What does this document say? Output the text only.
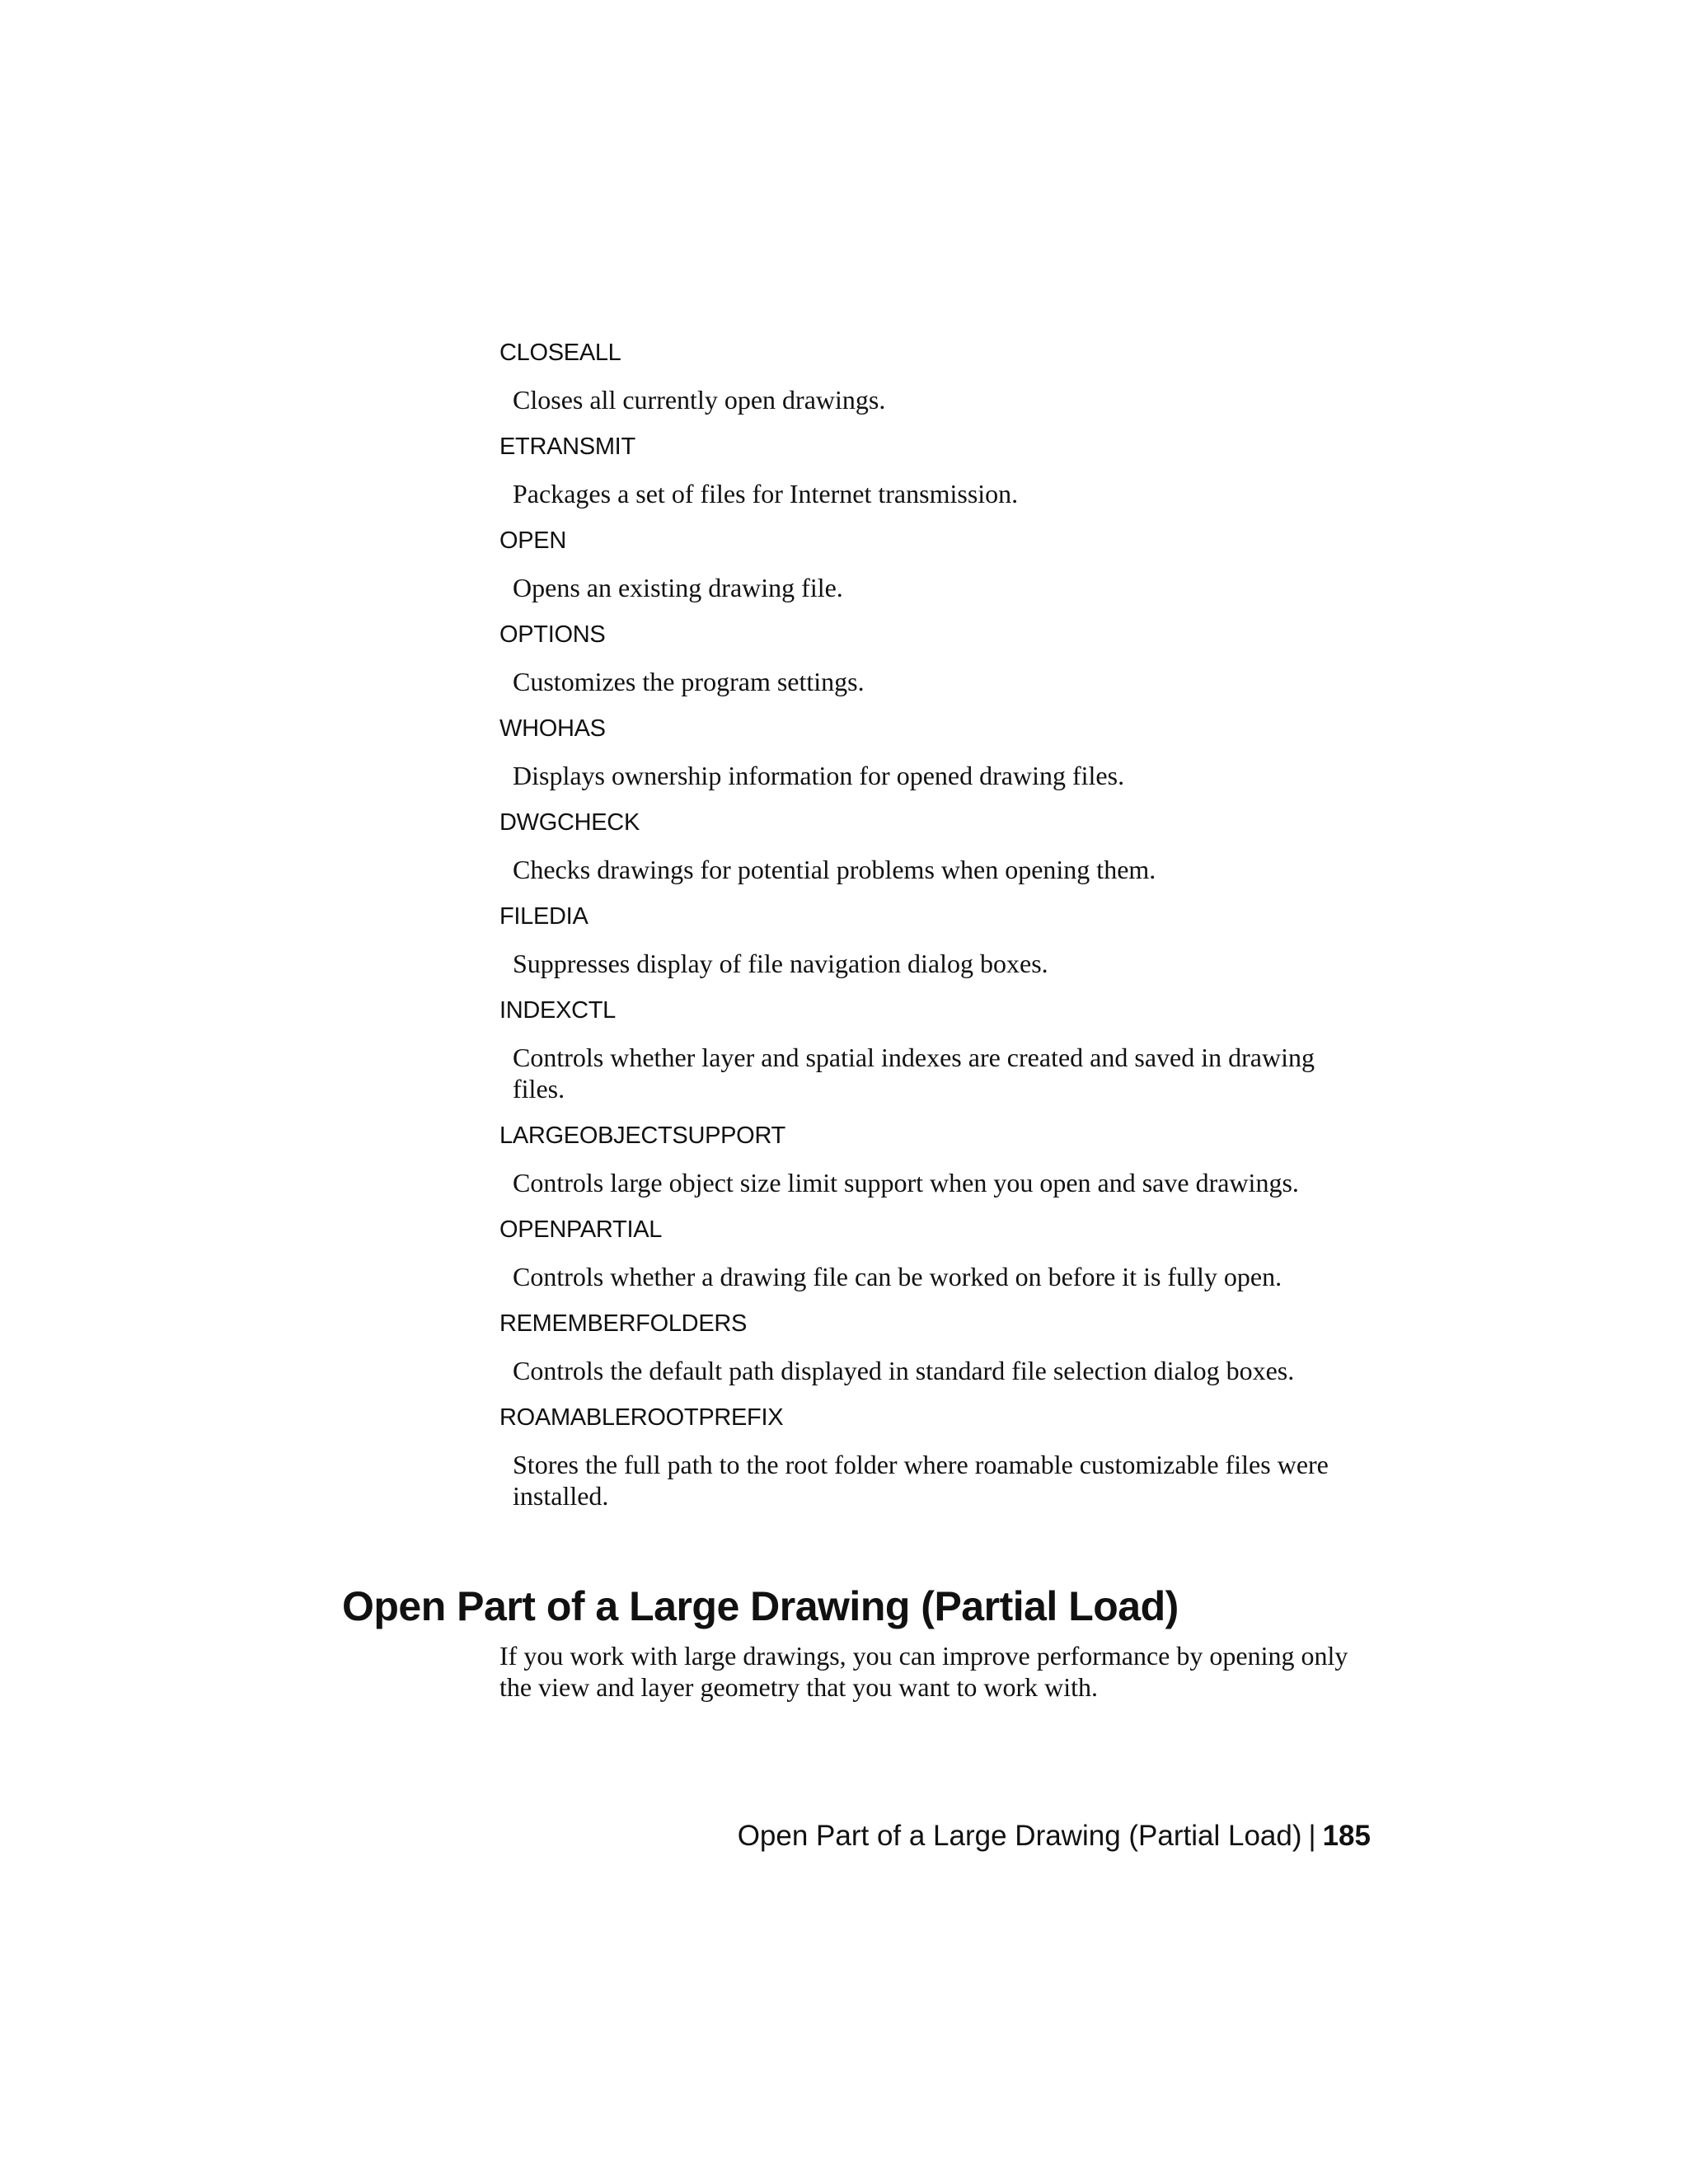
CLOSEALL
Closes all currently open drawings.
ETRANSMIT
Packages a set of files for Internet transmission.
OPEN
Opens an existing drawing file.
OPTIONS
Customizes the program settings.
WHOHAS
Displays ownership information for opened drawing files.
DWGCHECK
Checks drawings for potential problems when opening them.
FILEDIA
Suppresses display of file navigation dialog boxes.
INDEXCTL
Controls whether layer and spatial indexes are created and saved in drawing files.
LARGEOBJECTSUPPORT
Controls large object size limit support when you open and save drawings.
OPENPARTIAL
Controls whether a drawing file can be worked on before it is fully open.
REMEMBERFOLDERS
Controls the default path displayed in standard file selection dialog boxes.
ROAMABLEROOTPREFIX
Stores the full path to the root folder where roamable customizable files were installed.
Open Part of a Large Drawing (Partial Load)

If you work with large drawings, you can improve performance by opening only the view and layer geometry that you want to work with.

Open Part of a Large Drawing (Partial Load) | 185
